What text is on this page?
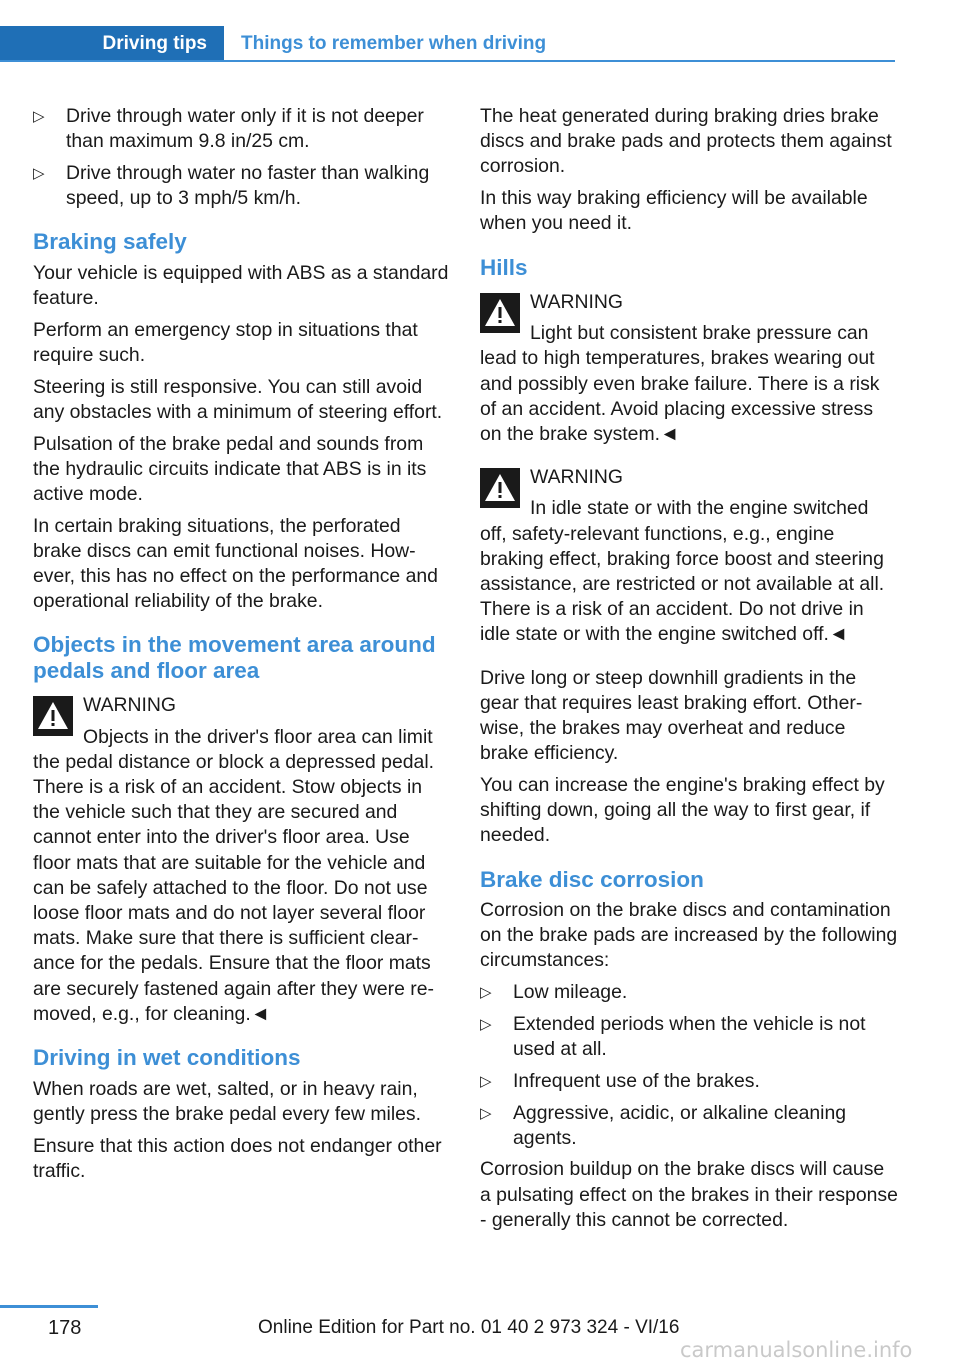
Driving tips	Things to remember when driving
▷ Drive through water only if it is not deeper than maximum 9.8 in/25 cm.
▷ Drive through water no faster than walking speed, up to 3 mph/5 km/h.
Braking safely

Your vehicle is equipped with ABS as a standard feature.

Perform an emergency stop in situations that require such.

Steering is still responsive. You can still avoid any obstacles with a minimum of steering effort.

Pulsation of the brake pedal and sounds from the hydraulic circuits indicate that ABS is in its active mode.

In certain braking situations, the perforated brake discs can emit functional noises. However, this has no effect on the performance and operational reliability of the brake.

Objects in the movement area around pedals and floor area
WARNING
Objects in the driver's floor area can limit the pedal distance or block a depressed pedal. There is a risk of an accident. Stow objects in the vehicle such that they are secured and cannot enter into the driver's floor area. Use floor mats that are suitable for the vehicle and can be safely attached to the floor. Do not use loose floor mats and do not layer several floor mats. Make sure that there is sufficient clearance for the pedals. Ensure that the floor mats are securely fastened again after they were removed, e.g., for cleaning.◄
Driving in wet conditions

When roads are wet, salted, or in heavy rain, gently press the brake pedal every few miles.

Ensure that this action does not endanger other traffic.

The heat generated during braking dries brake discs and brake pads and protects them against corrosion.

In this way braking efficiency will be available when you need it.

Hills
WARNING
Light but consistent brake pressure can lead to high temperatures, brakes wearing out and possibly even brake failure. There is a risk of an accident. Avoid placing excessive stress on the brake system.◄
WARNING
In idle state or with the engine switched off, safety-relevant functions, e.g., engine braking effect, braking force boost and steering assistance, are restricted or not available at all. There is a risk of an accident. Do not drive in idle state or with the engine switched off.◄

Drive long or steep downhill gradients in the gear that requires least braking effort. Otherwise, the brakes may overheat and reduce brake efficiency.

You can increase the engine's braking effect by shifting down, going all the way to first gear, if needed.

Brake disc corrosion

Corrosion on the brake discs and contamination on the brake pads are increased by the following circumstances:

▷ Low mileage.
▷ Extended periods when the vehicle is not used at all.
▷ Infrequent use of the brakes.
▷ Aggressive, acidic, or alkaline cleaning agents.

Corrosion buildup on the brake discs will cause a pulsating effect on the brakes in their response - generally this cannot be corrected.

178	Online Edition for Part no. 01 40 2 973 324 - VI/16
carmanualsonline.info
